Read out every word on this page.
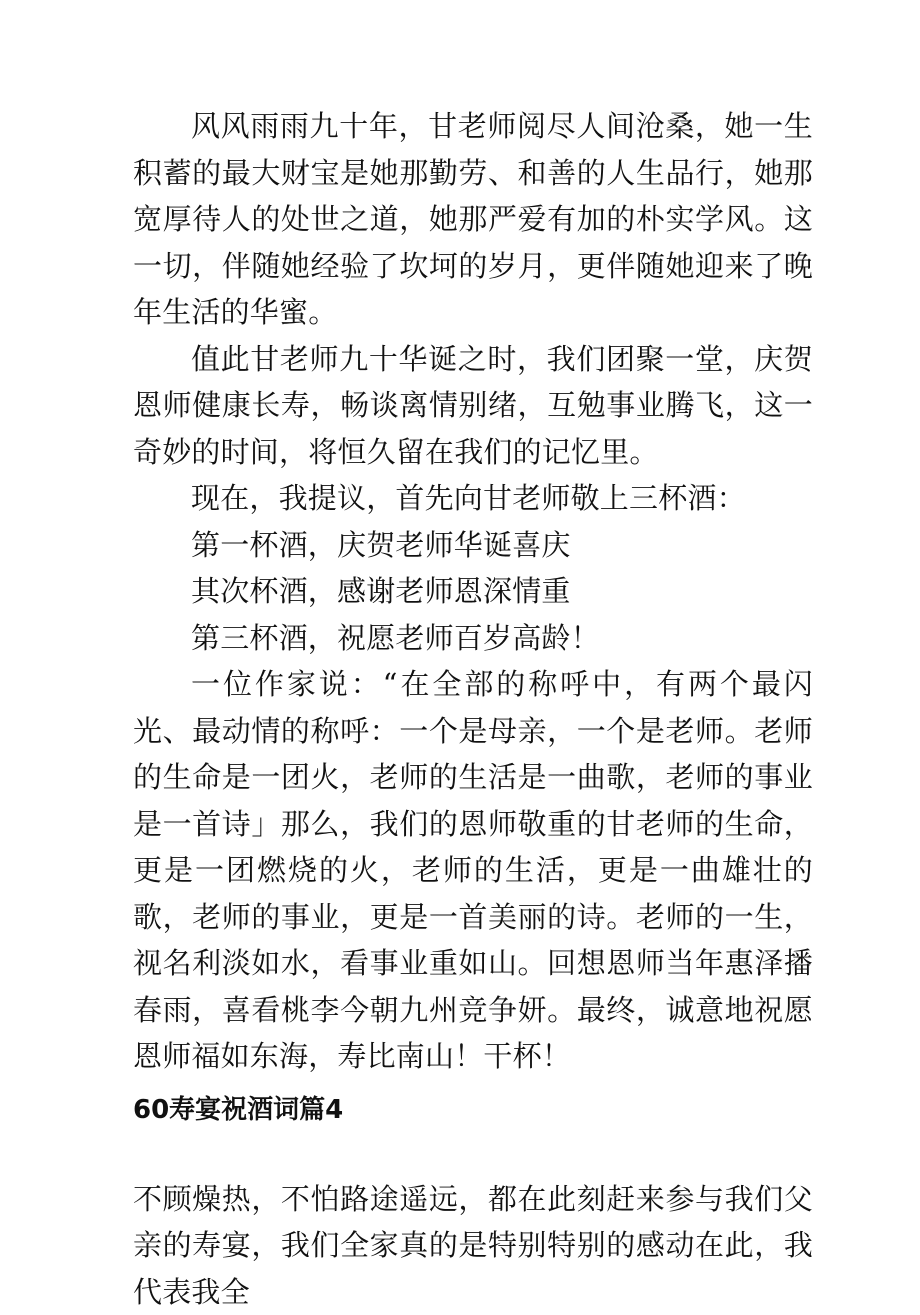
风风雨雨九十年，甘老师阅尽人间沧桑，她一生积蓄的最大财宝是她那勤劳、和善的人生品行，她那宽厚待人的处世之道，她那严爱有加的朴实学风。这一切，伴随她经验了坎坷的岁月，更伴随她迎来了晚年生活的华蜜。

值此甘老师九十华诞之时，我们团聚一堂，庆贺恩师健康长寿，畅谈离情别绪，互勉事业腾飞，这一奇妙的时间，将恒久留在我们的记忆里。

现在，我提议，首先向甘老师敬上三杯酒：

第一杯酒，庆贺老师华诞喜庆

其次杯酒，感谢老师恩深情重

第三杯酒，祝愿老师百岁高龄！

一位作家说：“在全部的称呼中，有两个最闪光、最动情的称呼：一个是母亲，一个是老师。老师的生命是一团火，老师的生活是一曲歌，老师的事业是一首诗」那么，我们的恩师敬重的甘老师的生命，更是一团燃烧的火，老师的生活，更是一曲雄壮的歌，老师的事业，更是一首美丽的诗。老师的一生，视名利淡如水，看事业重如山。回想恩师当年惠泽播春雨，喜看桃李今朝九州竞争妍。最终，诚意地祝愿恩师福如东海，寿比南山！干杯！

60寿宴祝酒词篇4

不顾燥热，不怕路途遥远，都在此刻赶来参与我们父亲的寿宴，我们全家真的是特别特别的感动在此，我代表我全
